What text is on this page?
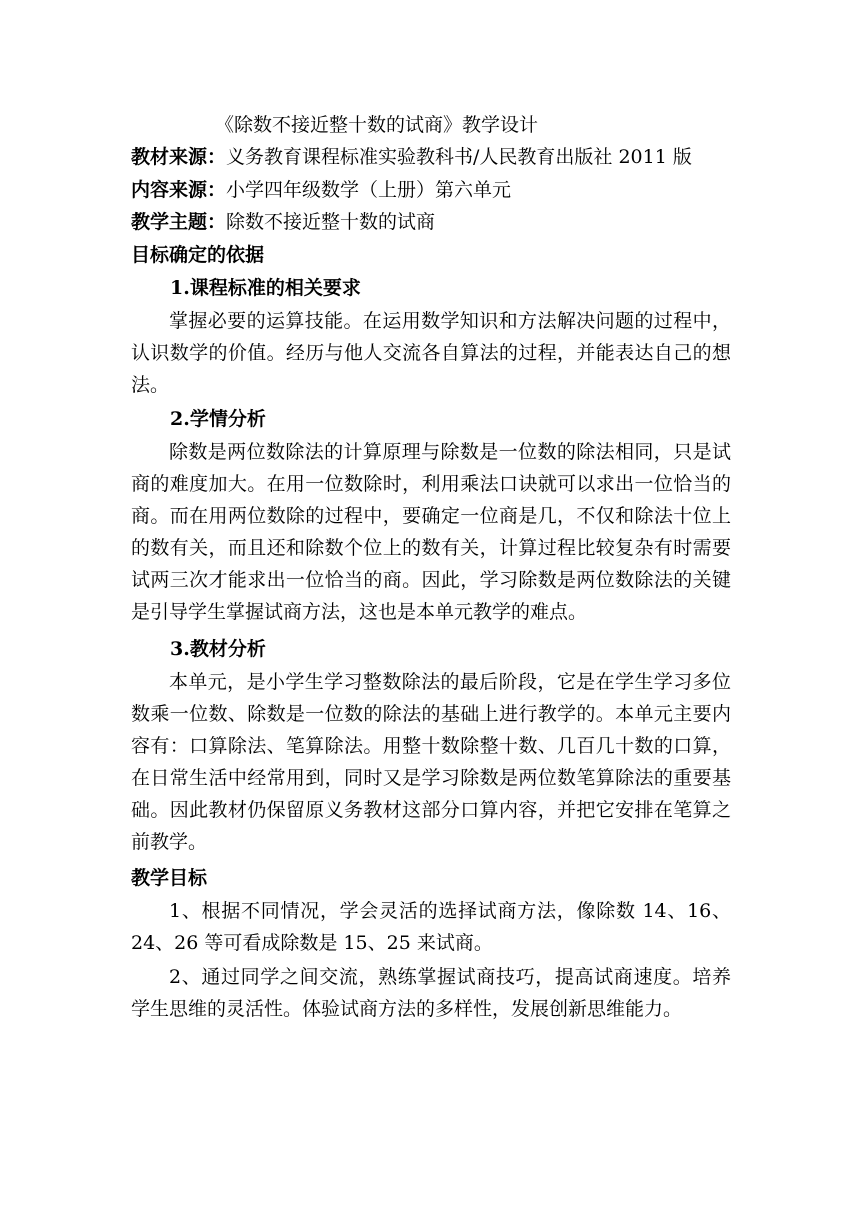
《除数不接近整十数的试商》教学设计
教材来源：义务教育课程标准实验教科书/人民教育出版社 2011 版
内容来源：小学四年级数学（上册）第六单元
教学主题：除数不接近整十数的试商
目标确定的依据
1.课程标准的相关要求
掌握必要的运算技能。在运用数学知识和方法解决问题的过程中，认识数学的价值。经历与他人交流各自算法的过程，并能表达自己的想法。
2.学情分析
除数是两位数除法的计算原理与除数是一位数的除法相同，只是试商的难度加大。在用一位数除时，利用乘法口诀就可以求出一位恰当的商。而在用两位数除的过程中，要确定一位商是几，不仅和除法十位上的数有关，而且还和除数个位上的数有关，计算过程比较复杂有时需要试两三次才能求出一位恰当的商。因此，学习除数是两位数除法的关键是引导学生掌握试商方法，这也是本单元教学的难点。
3.教材分析
本单元，是小学生学习整数除法的最后阶段，它是在学生学习多位数乘一位数、除数是一位数的除法的基础上进行教学的。本单元主要内容有：口算除法、笔算除法。用整十数除整十数、几百几十数的口算，在日常生活中经常用到，同时又是学习除数是两位数笔算除法的重要基础。因此教材仍保留原义务教材这部分口算内容，并把它安排在笔算之前教学。
教学目标
1、根据不同情况，学会灵活的选择试商方法，像除数 14、16、24、26 等可看成除数是 15、25 来试商。
2、通过同学之间交流，熟练掌握试商技巧，提高试商速度。培养学生思维的灵活性。体验试商方法的多样性，发展创新思维能力。
